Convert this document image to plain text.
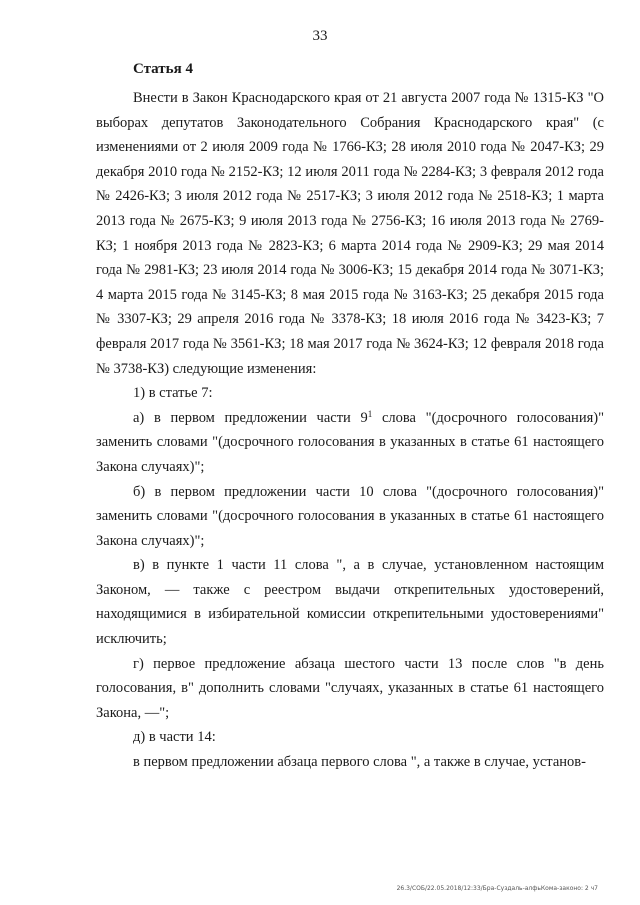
33
Статья 4

Внести в Закон Краснодарского края от 21 августа 2007 года № 1315-КЗ "О выборах депутатов Законодательного Собрания Краснодарского края" (с изменениями от 2 июля 2009 года № 1766-КЗ; 28 июля 2010 года № 2047-КЗ; 29 декабря 2010 года № 2152-КЗ; 12 июля 2011 года № 2284-КЗ; 3 февраля 2012 года № 2426-КЗ; 3 июля 2012 года № 2517-КЗ; 3 июля 2012 года № 2518-КЗ; 1 марта 2013 года № 2675-КЗ; 9 июля 2013 года № 2756-КЗ; 16 июля 2013 года № 2769-КЗ; 1 ноября 2013 года № 2823-КЗ; 6 марта 2014 года № 2909-КЗ; 29 мая 2014 года № 2981-КЗ; 23 июля 2014 года № 3006-КЗ; 15 декабря 2014 года № 3071-КЗ; 4 марта 2015 года № 3145-КЗ; 8 мая 2015 года № 3163-КЗ; 25 декабря 2015 года № 3307-КЗ; 29 апреля 2016 года № 3378-КЗ; 18 июля 2016 года № 3423-КЗ; 7 февраля 2017 года № 3561-КЗ; 18 мая 2017 года № 3624-КЗ; 12 февраля 2018 года № 3738-КЗ) следующие изменения:

1) в статье 7:

а) в первом предложении части $9^1$ слова "(досрочного голосования)" заменить словами "(досрочного голосования в указанных в статье 61 настоящего Закона случаях)";

б) в первом предложении части 10 слова "(досрочного голосования)" заменить словами "(досрочного голосования в указанных в статье 61 настоящего Закона случаях)";

в) в пункте 1 части 11 слова ", а в случае, установленном настоящим Законом, — также с реестром выдачи открепительных удостоверений, находящимися в избирательной комиссии открепительными удостоверениями" исключить;

г) первое предложение абзаца шестого части 13 после слов "в день голосования, в" дополнить словами "случаях, указанных в статье 61 настоящего Закона, —";

д) в части 14:

в первом предложении абзаца первого слова ", а также в случае, установ-

26.3/СОБ/22.05.2018/12:33/Бра-Суздаль-алфьКома-законо: 2 ч7
